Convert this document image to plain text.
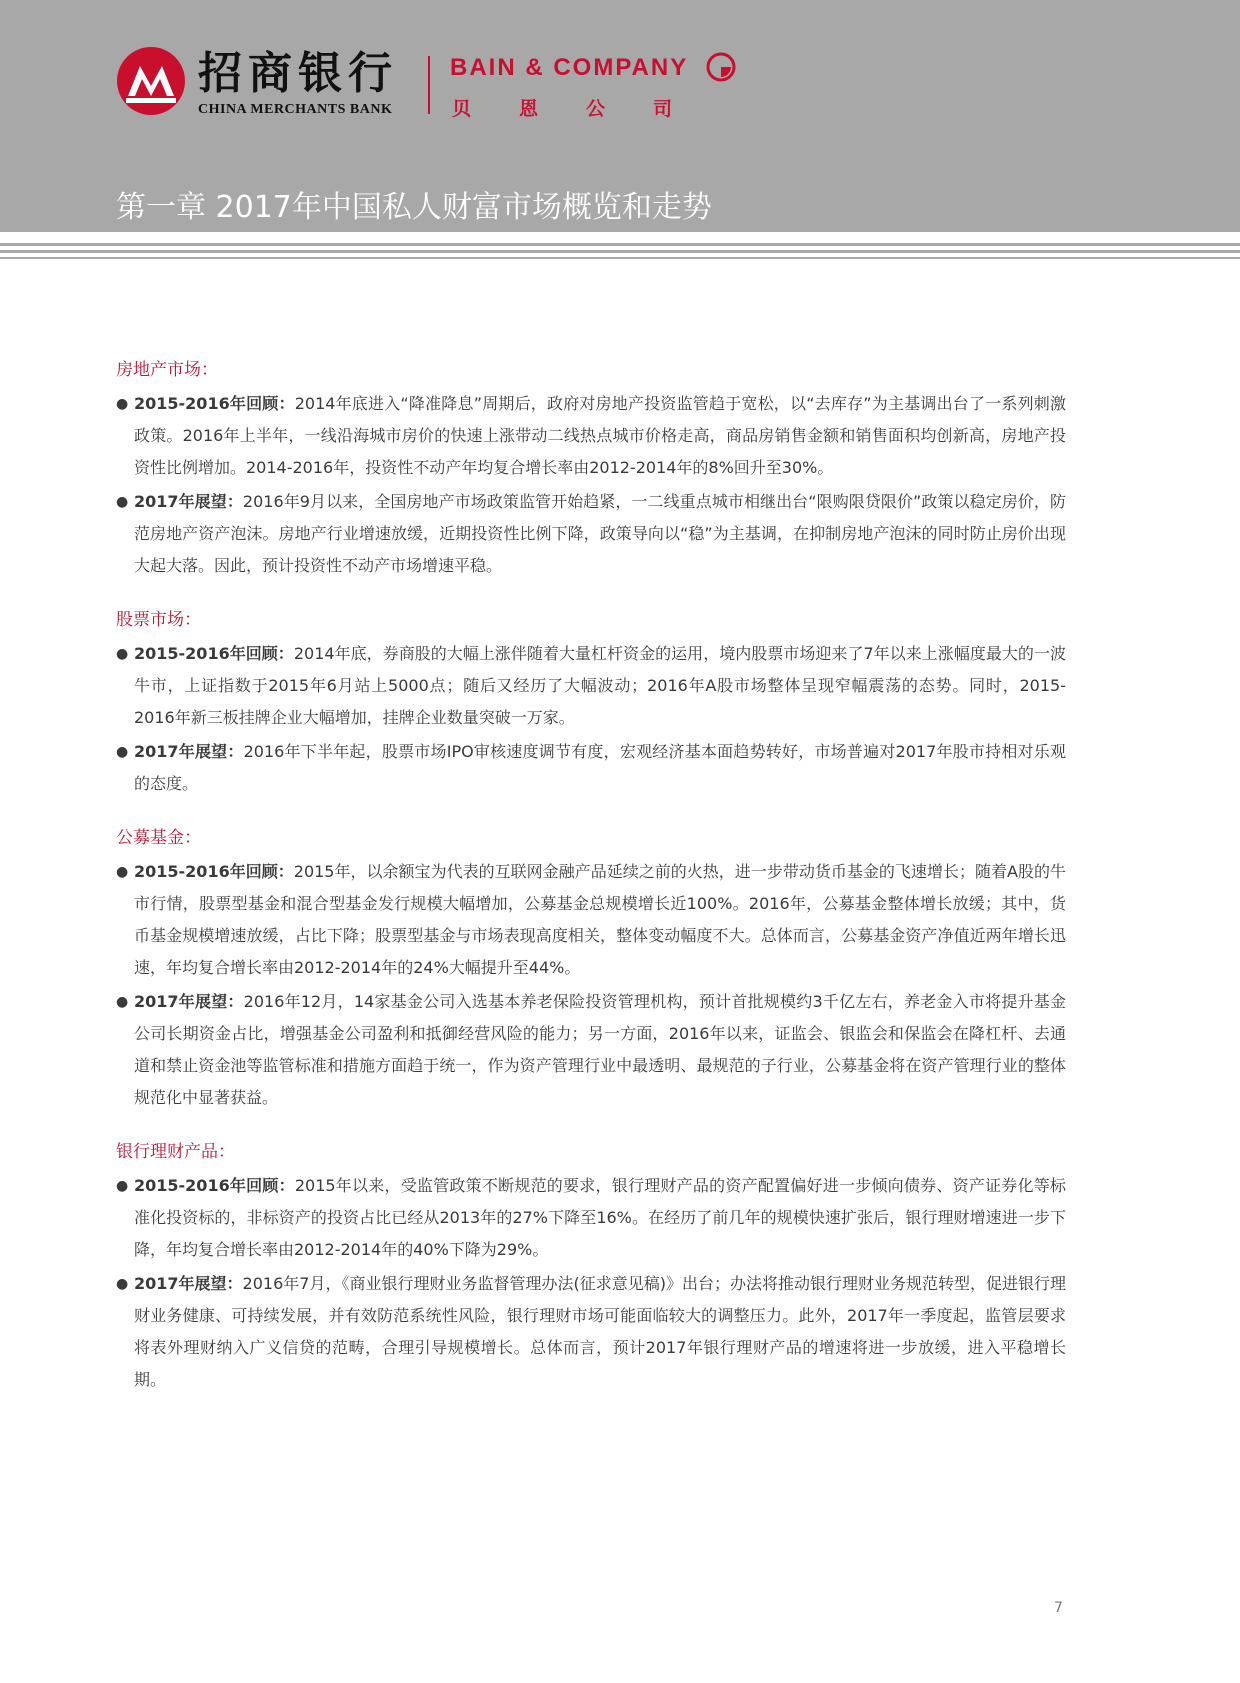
招商银行
CHINA MERCHANTS BANK
BAIN & COMPANY
贝恩公司
第一章 2017年中国私人财富市场概览和走势

房地产市场：

● 2015-2016年回顾：2014年底进入“降准降息”周期后，政府对房地产投资监管趋于宽松，以“去库存”为主基调出台了一系列刺激政策。2016年上半年，一线沿海城市房价的快速上涨带动二线热点城市价格走高，商品房销售金额和销售面积均创新高，房地产投资性比例增加。2014-2016年，投资性不动产年均复合增长率由2012-2014年的8%回升至30%。

● 2017年展望：2016年9月以来，全国房地产市场政策监管开始趋紧，一二线重点城市相继出台“限购限贷限价”政策以稳定房价，防范房地产资产泡沫。房地产行业增速放缓，近期投资性比例下降，政策导向以“稳”为主基调，在抑制房地产泡沫的同时防止房价出现大起大落。因此，预计投资性不动产市场增速平稳。

股票市场：

● 2015-2016年回顾：2014年底，券商股的大幅上涨伴随着大量杠杆资金的运用，境内股票市场迎来了7年以来上涨幅度最大的一波牛市，上证指数于2015年6月站上5000点；随后又经历了大幅波动；2016年A股市场整体呈现窄幅震荡的态势。同时，2015-2016年新三板挂牌企业大幅增加，挂牌企业数量突破一万家。

● 2017年展望：2016年下半年起，股票市场IPO审核速度调节有度，宏观经济基本面趋势转好，市场普遍对2017年股市持相对乐观的态度。

公募基金：

● 2015-2016年回顾：2015年，以余额宝为代表的互联网金融产品延续之前的火热，进一步带动货币基金的飞速增长；随着A股的牛市行情，股票型基金和混合型基金发行规模大幅增加，公募基金总规模增长近100%。2016年，公募基金整体增长放缓；其中，货币基金规模增速放缓，占比下降；股票型基金与市场表现高度相关，整体变动幅度不大。总体而言，公募基金资产净值近两年增长迅速，年均复合增长率由2012-2014年的24%大幅提升至44%。

● 2017年展望：2016年12月，14家基金公司入选基本养老保险投资管理机构，预计首批规模约3千亿左右，养老金入市将提升基金公司长期资金占比，增强基金公司盈利和抵御经营风险的能力；另一方面，2016年以来，证监会、银监会和保监会在降杠杆、去通道和禁止资金池等监管标准和措施方面趋于统一，作为资产管理行业中最透明、最规范的子行业，公募基金将在资产管理行业的整体规范化中显著获益。

银行理财产品：

● 2015-2016年回顾：2015年以来，受监管政策不断规范的要求，银行理财产品的资产配置偏好进一步倾向债券、资产证券化等标准化投资标的，非标资产的投资占比已经从2013年的27%下降至16%。在经历了前几年的规模快速扩张后，银行理财增速进一步下降，年均复合增长率由2012-2014年的40%下降为29%。

● 2017年展望：2016年7月，《商业银行理财业务监督管理办法(征求意见稿)》出台；办法将推动银行理财业务规范转型，促进银行理财业务健康、可持续发展，并有效防范系统性风险，银行理财市场可能面临较大的调整压力。此外，2017年一季度起，监管层要求将表外理财纳入广义信贷的范畴，合理引导规模增长。总体而言，预计2017年银行理财产品的增速将进一步放缓，进入平稳增长期。

7
